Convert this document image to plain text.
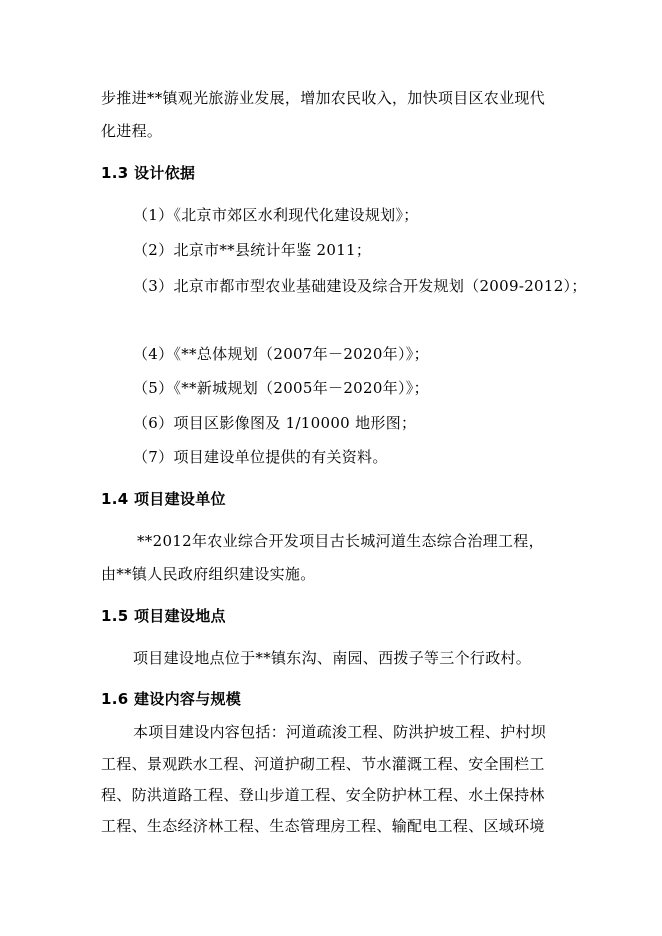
步推进**镇观光旅游业发展，增加农民收入，加快项目区农业现代
化进程。
1.3 设计依据
（1）《北京市郊区水利现代化建设规划》；
（2）北京市**县统计年鉴 2011；
（3）北京市都市型农业基础建设及综合开发规划（2009-2012）；
（4）《**总体规划（2007年－2020年）》；
（5）《**新城规划（2005年－2020年）》；
（6）项目区影像图及 1/10000 地形图；
（7）项目建设单位提供的有关资料。
1.4 项目建设单位
**2012年农业综合开发项目古长城河道生态综合治理工程，
由**镇人民政府组织建设实施。
1.5 项目建设地点
项目建设地点位于**镇东沟、南园、西拨子等三个行政村。
1.6 建设内容与规模
本项目建设内容包括：河道疏浚工程、防洪护坡工程、护村坝
工程、景观跌水工程、河道护砌工程、节水灌溉工程、安全围栏工
程、防洪道路工程、登山步道工程、安全防护林工程、水土保持林
工程、生态经济林工程、生态管理房工程、输配电工程、区域环境
